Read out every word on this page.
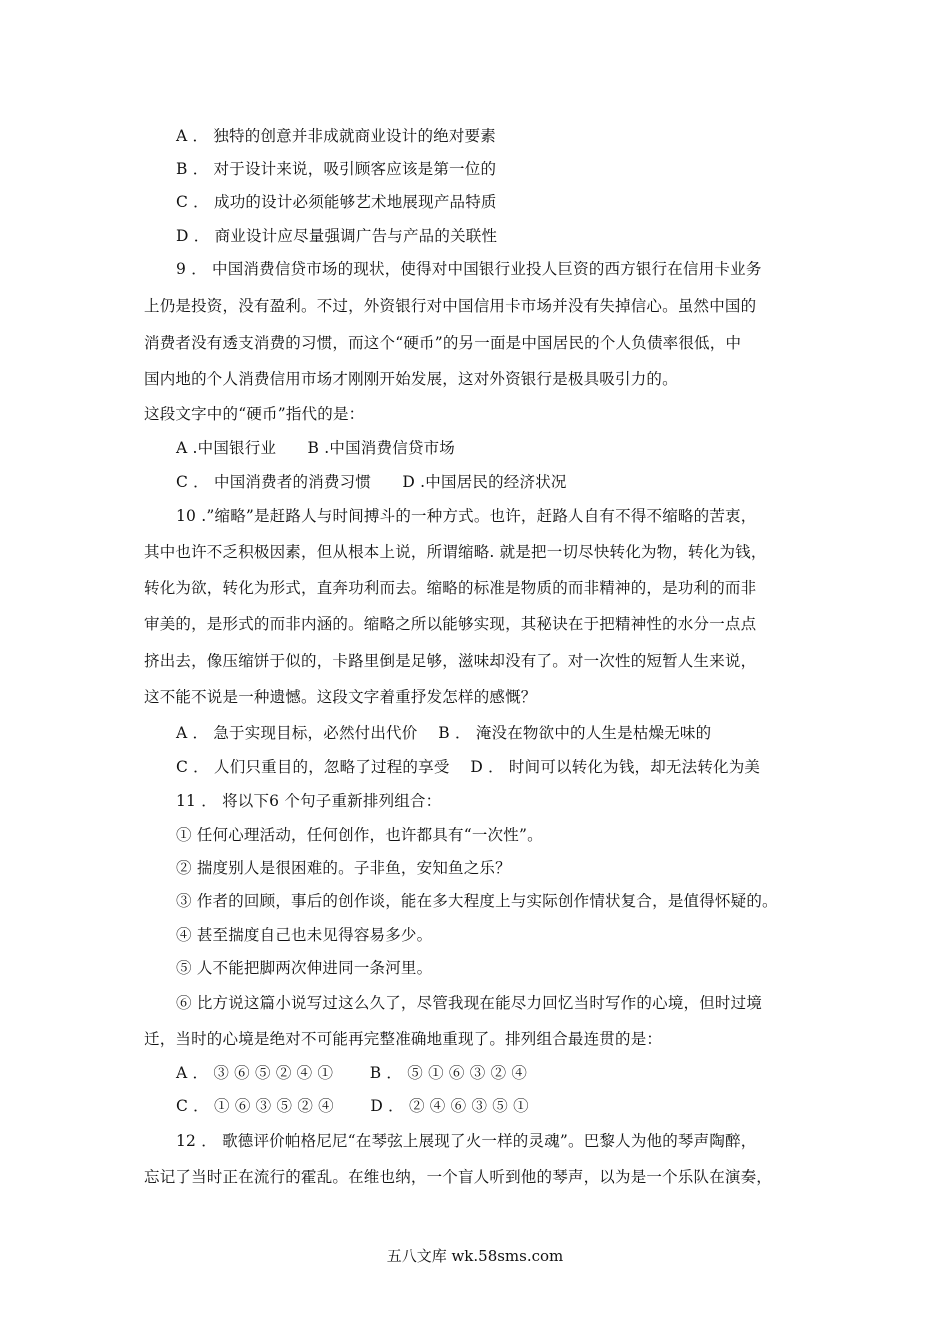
A ． 独特的创意并非成就商业设计的绝对要素
B ． 对于设计来说，吸引顾客应该是第一位的
C ． 成功的设计必须能够艺术地展现产品特质
D ． 商业设计应尽量强调广告与产品的关联性
9 ． 中国消费信贷市场的现状，使得对中国银行业投人巨资的西方银行在信用卡业务
上仍是投资，没有盈利。不过，外资银行对中国信用卡市场并没有失掉信心。虽然中国的
消费者没有透支消费的习惯，而这个“硬币”的另一面是中国居民的个人负债率很低，中
国内地的个人消费信用市场才刚刚开始发展，这对外资银行是极具吸引力的。
这段文字中的“硬币”指代的是：
A .中国银行业　　B .中国消费信贷市场
C ． 中国消费者的消费习惯　　D .中国居民的经济状况
10 .”缩略”是赶路人与时间搏斗的一种方式。也许，赶路人自有不得不缩略的苦衷，
其中也许不乏积极因素，但从根本上说，所谓缩略. 就是把一切尽快转化为物，转化为钱，
转化为欲，转化为形式，直奔功利而去。缩略的标准是物质的而非精神的，是功利的而非
审美的，是形式的而非内涵的。缩略之所以能够实现，其秘诀在于把精神性的水分一点点
挤出去，像压缩饼于似的，卡路里倒是足够，滋味却没有了。对一次性的短暂人生来说，
这不能不说是一种遗憾。这段文字着重抒发怎样的感慨？
A ． 急于实现目标，必然付出代价　 B ． 淹没在物欲中的人生是枯燥无味的
C ． 人们只重目的，忽略了过程的享受　 D ． 时间可以转化为钱，却无法转化为美
11 ． 将以下6 个句子重新排列组合：
① 任何心理活动，任何创作，也许都具有“一次性”。
② 揣度别人是很困难的。子非鱼，安知鱼之乐？
③ 作者的回顾，事后的创作谈，能在多大程度上与实际创作情状复合，是值得怀疑的。
④ 甚至揣度自己也未见得容易多少。
⑤ 人不能把脚两次伸进同一条河里。
⑥ 比方说这篇小说写过这么久了，尽管我现在能尽力回忆当时写作的心境，但时过境
迁，当时的心境是绝对不可能再完整准确地重现了。排列组合最连贯的是：
A ． ③ ⑥ ⑤ ② ④ ①　　 B ． ⑤ ① ⑥ ③ ② ④
C ． ① ⑥ ③ ⑤ ② ④　　 D ． ② ④ ⑥ ③ ⑤ ①
12 ． 歌德评价帕格尼尼“在琴弦上展现了火一样的灵魂”。巴黎人为他的琴声陶醉，
忘记了当时正在流行的霍乱。在维也纳，一个盲人听到他的琴声，以为是一个乐队在演奏，
五八文库 wk.58sms.com
